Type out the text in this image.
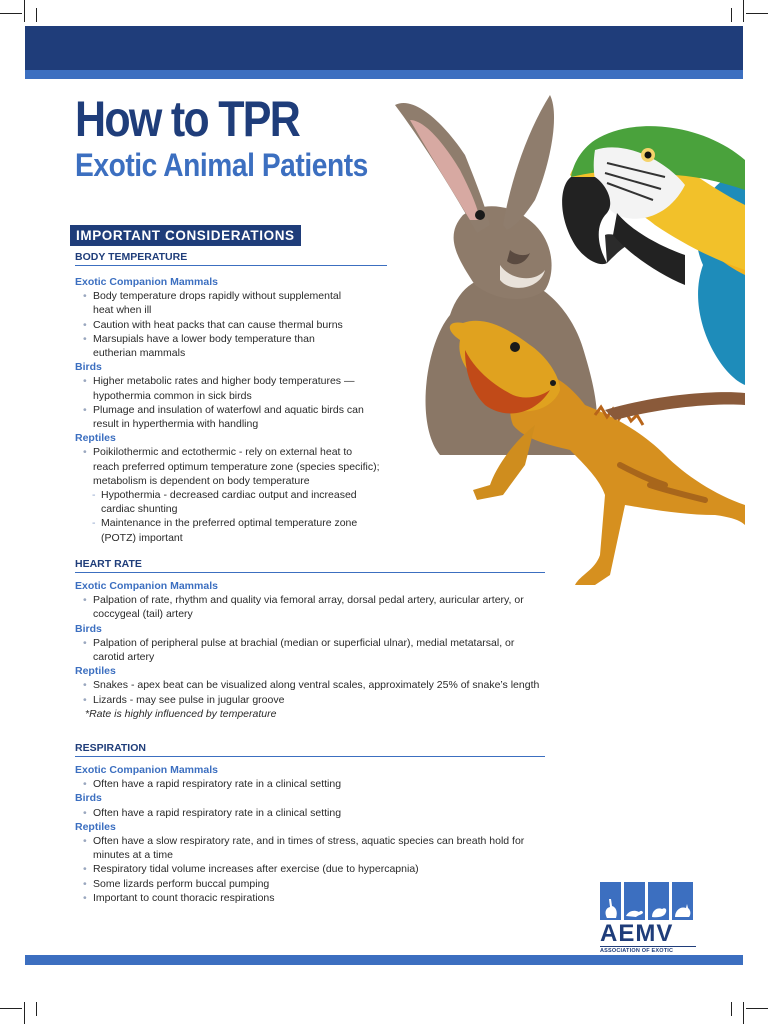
How to TPR
Exotic Animal Patients
IMPORTANT CONSIDERATIONS
BODY TEMPERATURE
Exotic Companion Mammals
• Body temperature drops rapidly without supplemental
heat when ill
• Caution with heat packs that can cause thermal burns
• Marsupials have a lower body temperature than
eutherian mammals
Birds
• Higher metabolic rates and higher body temperatures —
hypothermia common in sick birds
• Plumage and insulation of waterfowl and aquatic birds can
result in hyperthermia with handling
Reptiles
• Poikilothermic and ectothermic - rely on external heat to
reach preferred optimum temperature zone (species specific);
metabolism is dependent on body temperature
- Hypothermia - decreased cardiac output and increased
cardiac shunting
- Maintenance in the preferred optimal temperature zone
(POTZ) important
HEART RATE
Exotic Companion Mammals
• Palpation of rate, rhythm and quality via femoral array, dorsal pedal artery, auricular artery, or
coccygeal (tail) artery
Birds
• Palpation of peripheral pulse at brachial (median or superficial ulnar), medial metatarsal, or
carotid artery
Reptiles
• Snakes - apex beat can be visualized along ventral scales, approximately 25% of snake’s length
• Lizards - may see pulse in jugular groove
*Rate is highly influenced by temperature
RESPIRATION
Exotic Companion Mammals
• Often have a rapid respiratory rate in a clinical setting
Birds
• Often have a rapid respiratory rate in a clinical setting
Reptiles
• Often have a slow respiratory rate, and in times of stress, aquatic species can breath hold for
minutes at a time
• Respiratory tidal volume increases after exercise (due to hypercapnia)
• Some lizards perform buccal pumping
• Important to count thoracic respirations
AEMV
ASSOCIATION OF EXOTIC
